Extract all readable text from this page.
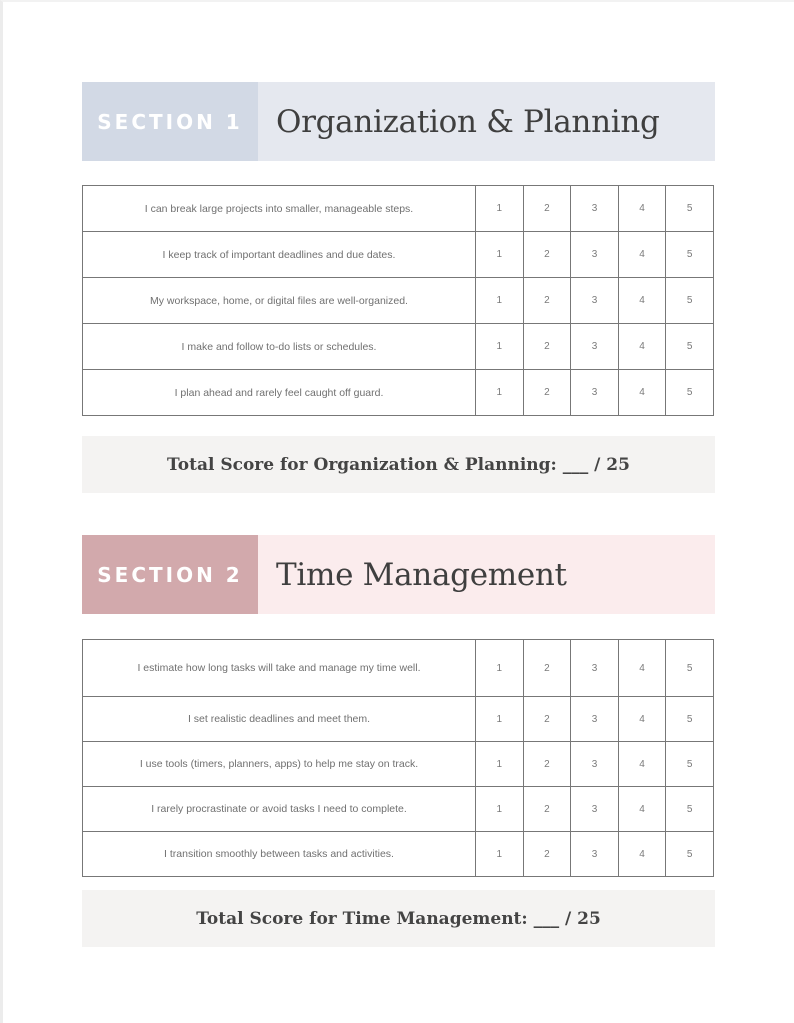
SECTION 1	Organization & Planning
I can break large projects into smaller, manageable steps.	1	2	3	4	5
I keep track of important deadlines and due dates.	1	2	3	4	5
My workspace, home, or digital files are well-organized.	1	2	3	4	5
I make and follow to-do lists or schedules.	1	2	3	4	5
I plan ahead and rarely feel caught off guard.	1	2	3	4	5
Total Score for Organization & Planning: ___ / 25
SECTION 2	Time Management
I estimate how long tasks will take and manage my time well.	1	2	3	4	5
I set realistic deadlines and meet them.	1	2	3	4	5
I use tools (timers, planners, apps) to help me stay on track.	1	2	3	4	5
I rarely procrastinate or avoid tasks I need to complete.	1	2	3	4	5
I transition smoothly between tasks and activities.	1	2	3	4	5
Total Score for Time Management: ___ / 25
